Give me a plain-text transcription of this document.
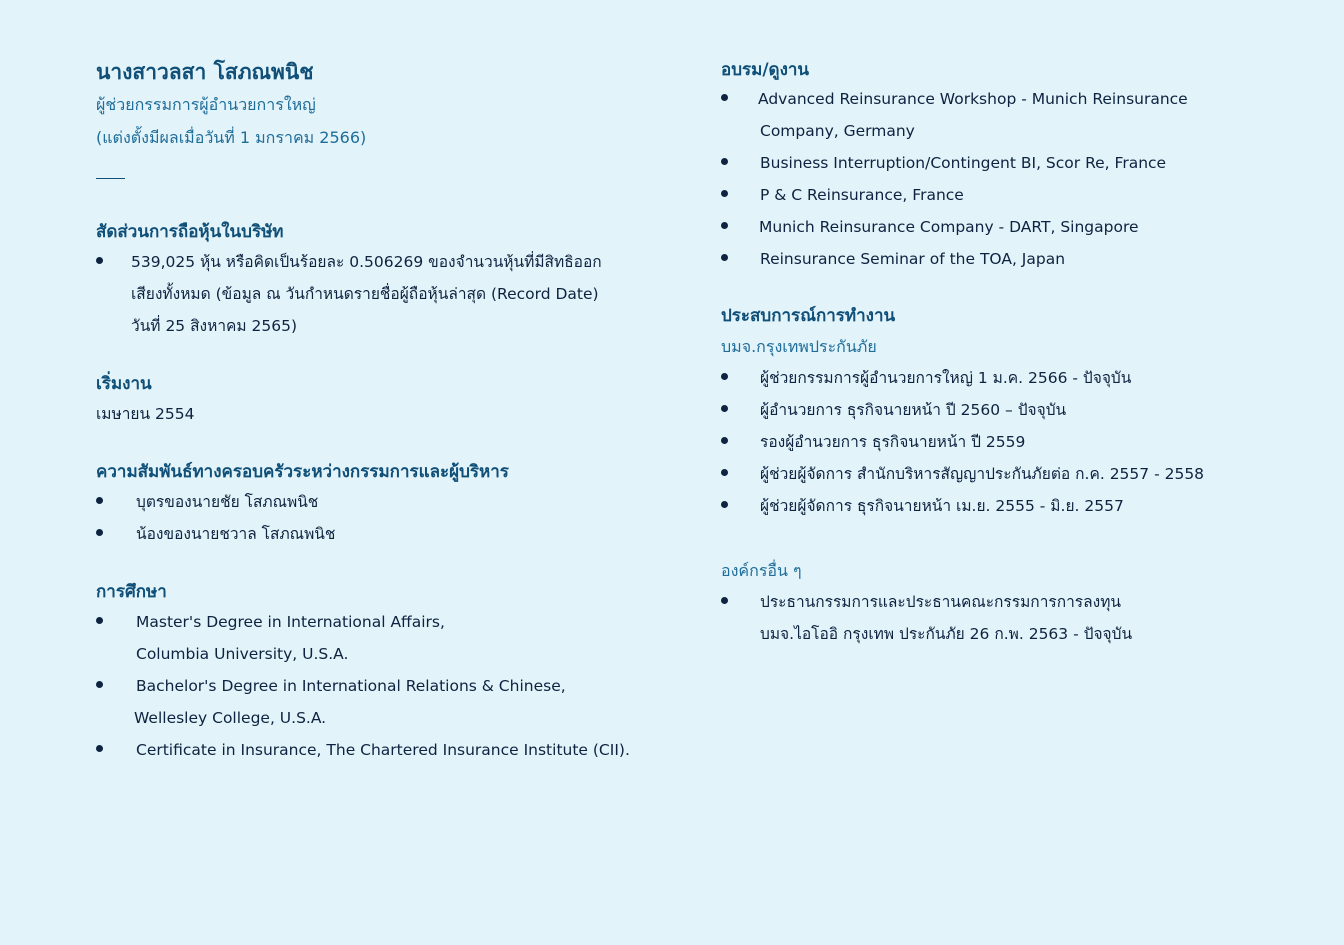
นางสาวลสา โสภณพนิช
ผู้ช่วยกรรมการผู้อำนวยการใหญ่
(แต่งตั้งมีผลเมื่อวันที่ 1 มกราคม 2566)
สัดส่วนการถือหุ้นในบริษัท
539,025 หุ้น หรือคิดเป็นร้อยละ 0.506269 ของจำนวนหุ้นที่มีสิทธิออก
เสียงทั้งหมด (ข้อมูล ณ วันกำหนดรายชื่อผู้ถือหุ้นล่าสุด (Record Date)
วันที่ 25 สิงหาคม 2565)
เริ่มงาน
เมษายน 2554
ความสัมพันธ์ทางครอบครัวระหว่างกรรมการและผู้บริหาร
บุตรของนายชัย โสภณพนิช
น้องของนายชวาล โสภณพนิช
การศึกษา
Master's Degree in International Affairs,
Columbia University, U.S.A.
Bachelor's Degree in International Relations & Chinese,
Wellesley College, U.S.A.
Certificate in Insurance, The Chartered Insurance Institute (CII).
อบรม/ดูงาน
Advanced Reinsurance Workshop - Munich Reinsurance
Company, Germany
Business Interruption/Contingent BI, Scor Re, France
P & C Reinsurance, France
Munich Reinsurance Company - DART, Singapore
Reinsurance Seminar of the TOA, Japan
ประสบการณ์การทำงาน
บมจ.กรุงเทพประกันภัย
ผู้ช่วยกรรมการผู้อำนวยการใหญ่ 1 ม.ค. 2566 - ปัจจุบัน
ผู้อำนวยการ ธุรกิจนายหน้า ปี 2560 – ปัจจุบัน
รองผู้อำนวยการ ธุรกิจนายหน้า ปี 2559
ผู้ช่วยผู้จัดการ สำนักบริหารสัญญาประกันภัยต่อ ก.ค. 2557 - 2558
ผู้ช่วยผู้จัดการ ธุรกิจนายหน้า เม.ย. 2555 - มิ.ย. 2557
องค์กรอื่น ๆ
ประธานกรรมการและประธานคณะกรรมการการลงทุน
บมจ.ไอโออิ กรุงเทพ ประกันภัย 26 ก.พ. 2563 - ปัจจุบัน
